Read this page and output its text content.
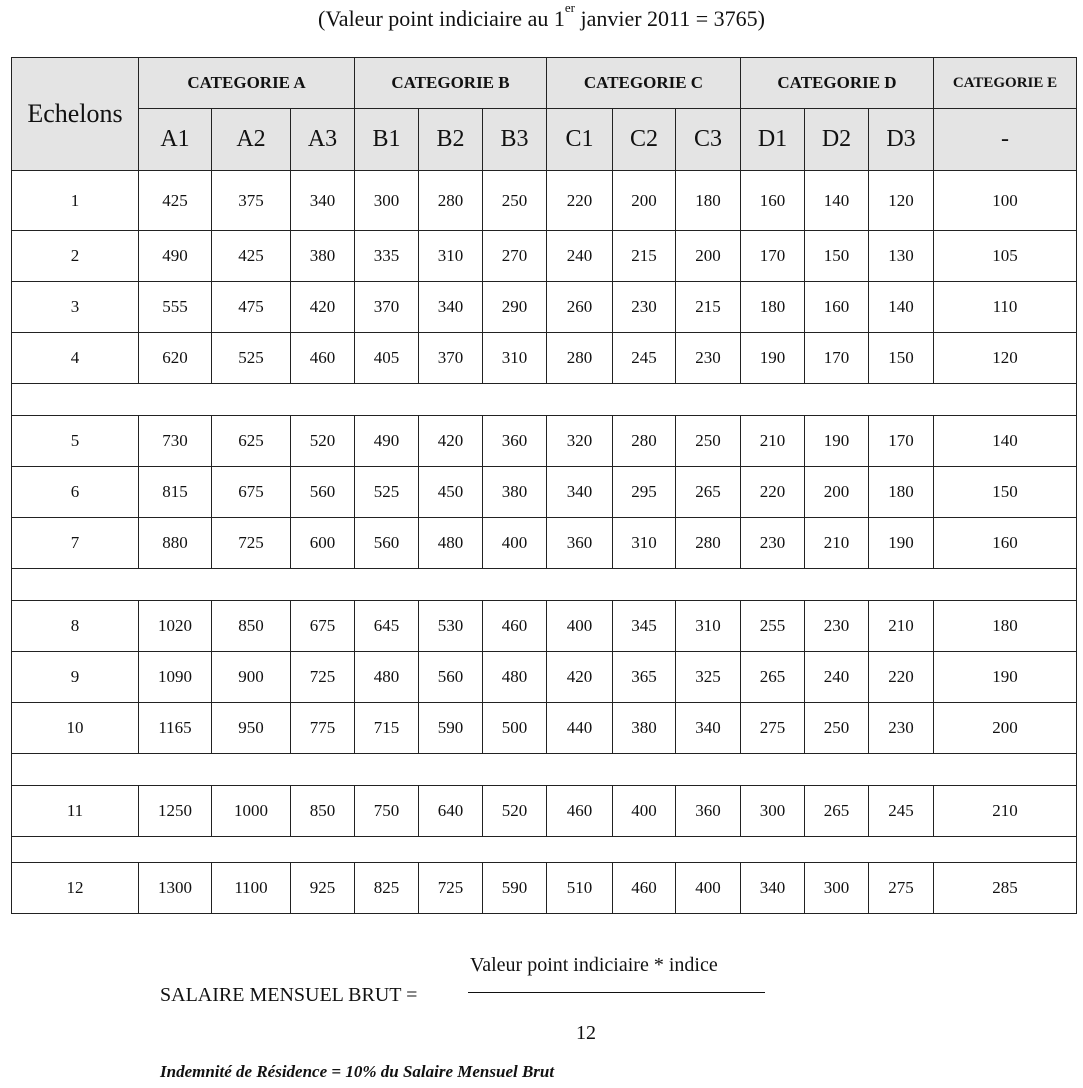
(Valeur point indiciaire au 1er janvier 2011 = 3765)
Echelons	CATEGORIE A			CATEGORIE B			CATEGORIE C			CATEGORIE D			CATEGORIE E
	A1	A2	A3	B1	B2	B3	C1	C2	C3	D1	D2	D3	-
1	425	375	340	300	280	250	220	200	180	160	140	120	100
2	490	425	380	335	310	270	240	215	200	170	150	130	105
3	555	475	420	370	340	290	260	230	215	180	160	140	110
4	620	525	460	405	370	310	280	245	230	190	170	150	120

5	730	625	520	490	420	360	320	280	250	210	190	170	140
6	815	675	560	525	450	380	340	295	265	220	200	180	150
7	880	725	600	560	480	400	360	310	280	230	210	190	160

8	1020	850	675	645	530	460	400	345	310	255	230	210	180
9	1090	900	725	480	560	480	420	365	325	265	240	220	190
10	1165	950	775	715	590	500	440	380	340	275	250	230	200

11	1250	1000	850	750	640	520	460	400	360	300	265	245	210

12	1300	1100	925	825	725	590	510	460	400	340	300	275	285
SALAIRE MENSUEL BRUT =
Valeur point indiciaire * indice
12
Indemnité de Résidence = 10% du Salaire Mensuel Brut
